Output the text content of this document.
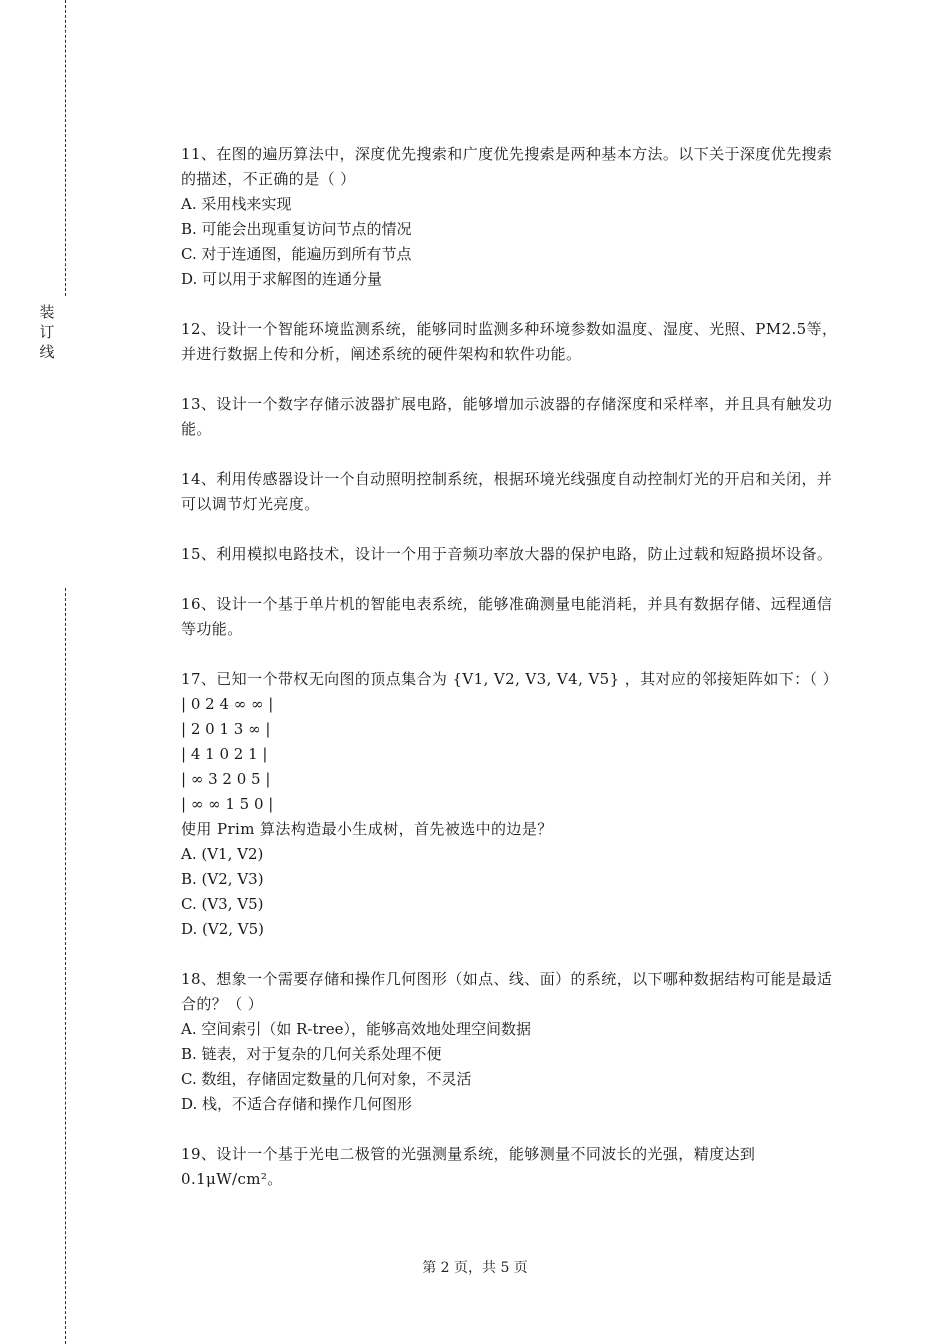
装
订
线

11、在图的遍历算法中，深度优先搜索和广度优先搜索是两种基本方法。以下关于深度优先搜索的描述，不正确的是（ ）

A. 采用栈来实现

B. 可能会出现重复访问节点的情况

C. 对于连通图，能遍历到所有节点

D. 可以用于求解图的连通分量

12、设计一个智能环境监测系统，能够同时监测多种环境参数如温度、湿度、光照、PM2.5等，并进行数据上传和分析，阐述系统的硬件架构和软件功能。

13、设计一个数字存储示波器扩展电路，能够增加示波器的存储深度和采样率，并且具有触发功能。

14、利用传感器设计一个自动照明控制系统，根据环境光线强度自动控制灯光的开启和关闭，并可以调节灯光亮度。

15、利用模拟电路技术，设计一个用于音频功率放大器的保护电路，防止过载和短路损坏设备。

16、设计一个基于单片机的智能电表系统，能够准确测量电能消耗，并具有数据存储、远程通信等功能。

17、已知一个带权无向图的顶点集合为 {V1, V2, V3, V4, V5} ，其对应的邻接矩阵如下：（ ）

| 0 2 4 ∞ ∞ |

| 2 0 1 3 ∞ |

| 4 1 0 2 1 |

| ∞ 3 2 0 5 |

| ∞ ∞ 1 5 0 |

使用 Prim 算法构造最小生成树，首先被选中的边是？

A. (V1, V2)

B. (V2, V3)

C. (V3, V5)

D. (V2, V5)

18、想象一个需要存储和操作几何图形（如点、线、面）的系统，以下哪种数据结构可能是最适合的？（ ）

A. 空间索引（如 R-tree），能够高效地处理空间数据

B. 链表，对于复杂的几何关系处理不便

C. 数组，存储固定数量的几何对象，不灵活

D. 栈，不适合存储和操作几何图形

19、设计一个基于光电二极管的光强测量系统，能够测量不同波长的光强，精度达到0.1μW/cm²。

第 2 页，共 5 页
